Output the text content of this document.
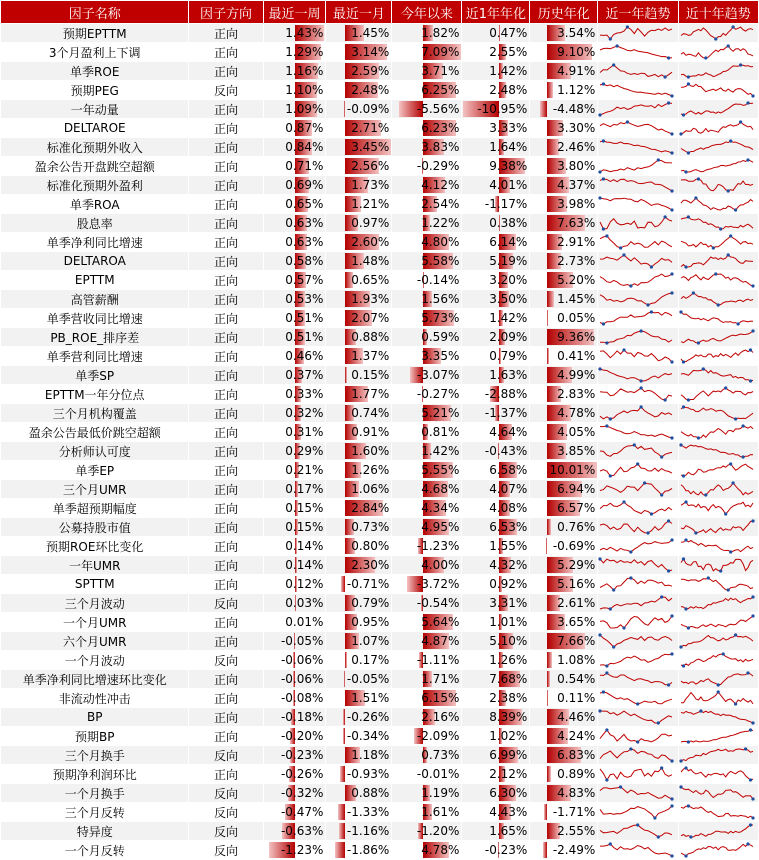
因子名称	因子方向	最近一周	最近一月	今年以来	近1年年化	历史年化	近一年趋势	近十年趋势
预期EPTTM	正向	1.43%	1.45%	1.82%	0.47%	3.54%	

3个月盈利上下调	正向	1.29%	3.14%	7.09%	2.55%	9.10%	

单季ROE	正向	1.16%	2.59%	3.71%	1.42%	4.91%	

预期PEG	反向	1.10%	2.48%	6.25%	2.48%	1.12%	

一年动量	正向	1.09%	-0.09%	-5.56%	-10.95%	-4.48%	

DELTAROE	正向	0.87%	2.71%	6.23%	3.33%	3.30%	

标准化预期外收入	正向	0.84%	3.45%	3.83%	1.64%	2.46%	

盈余公告开盘跳空超额	正向	0.71%	2.56%	-0.29%	9.38%	3.80%	

标准化预期外盈利	正向	0.69%	1.73%	4.12%	4.01%	4.37%	

单季ROA	正向	0.65%	1.21%	2.54%	-1.17%	3.98%	

股息率	正向	0.63%	0.97%	1.22%	0.38%	7.63%	

单季净利同比增速	正向	0.63%	2.60%	4.80%	6.14%	2.91%	

DELTAROA	正向	0.58%	1.48%	5.58%	5.19%	2.73%	

EPTTM	正向	0.57%	0.65%	-0.14%	3.20%	5.20%	

高管薪酬	正向	0.53%	1.93%	1.56%	3.50%	1.45%	

单季营收同比增速	正向	0.51%	2.07%	5.73%	1.42%	0.05%	

PB_ROE_排序差	正向	0.51%	0.88%	0.59%	2.09%	9.36%	

单季营利同比增速	正向	0.46%	1.37%	3.35%	0.79%	0.41%	

单季SP	正向	0.37%	0.15%	-3.07%	1.63%	4.99%	

EPTTM一年分位点	正向	0.33%	1.77%	-0.27%	-2.88%	2.83%	

三个月机构覆盖	正向	0.32%	0.74%	5.21%	-1.37%	4.78%	

盈余公告最低价跳空超额	正向	0.31%	0.91%	0.81%	4.64%	4.05%	

分析师认可度	正向	0.29%	1.60%	1.42%	-0.43%	3.85%	

单季EP	正向	0.21%	1.26%	5.55%	6.58%	10.01%	

三个月UMR	正向	0.17%	1.06%	4.68%	4.07%	6.94%	

单季超预期幅度	正向	0.15%	2.84%	4.34%	4.08%	6.57%	

公募持股市值	正向	0.15%	0.73%	4.95%	6.53%	0.76%	

预期ROE环比变化	正向	0.14%	0.80%	-1.23%	1.55%	-0.69%	

一年UMR	正向	0.14%	2.30%	4.00%	4.32%	5.29%	

SPTTM	正向	0.12%	-0.71%	-3.72%	0.92%	5.16%	

三个月波动	反向	0.03%	0.79%	-0.54%	3.31%	2.61%	

一个月UMR	正向	0.01%	0.95%	5.64%	1.01%	3.65%	

六个月UMR	正向	-0.05%	1.07%	4.87%	5.10%	7.66%	

一个月波动	反向	-0.06%	0.17%	-1.11%	1.26%	1.08%	

单季净利同比增速环比变化	正向	-0.06%	-0.05%	1.71%	7.68%	0.54%	

非流动性冲击	正向	-0.08%	1.51%	6.15%	2.38%	0.11%	

BP	正向	-0.18%	-0.26%	2.16%	8.39%	4.46%	

预期BP	正向	-0.20%	-0.34%	-2.09%	1.02%	4.24%	

三个月换手	反向	-0.23%	1.18%	0.73%	6.99%	6.83%	

预期净利润环比	正向	-0.26%	-0.93%	-0.01%	2.12%	0.89%	

一个月换手	反向	-0.32%	0.88%	1.19%	6.30%	4.83%	

三个月反转	反向	-0.47%	-1.33%	1.61%	4.43%	-1.71%	

特异度	反向	-0.63%	-1.16%	-1.20%	1.65%	2.55%	

一个月反转	反向	-1.23%	-1.86%	4.78%	-0.23%	-2.49%	
